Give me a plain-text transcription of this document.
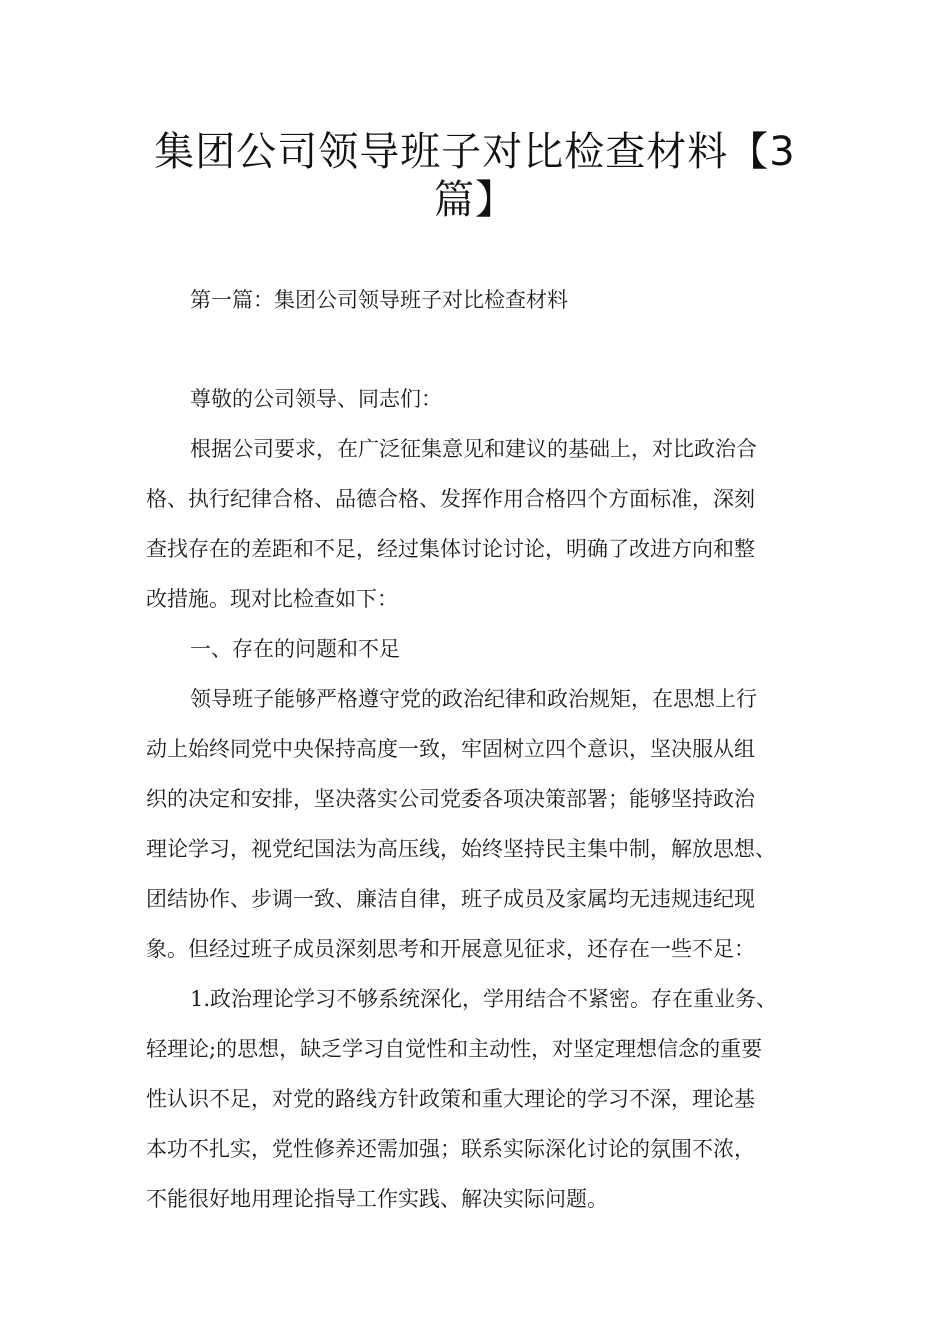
集团公司领导班子对比检查材料【3
篇】

第一篇：集团公司领导班子对比检查材料

尊敬的公司领导、同志们：

根据公司要求，在广泛征集意见和建议的基础上，对比政治合

格、执行纪律合格、品德合格、发挥作用合格四个方面标准，深刻

查找存在的差距和不足，经过集体讨论讨论，明确了改进方向和整

改措施。现对比检查如下：

一、存在的问题和不足

领导班子能够严格遵守党的政治纪律和政治规矩，在思想上行

动上始终同党中央保持高度一致，牢固树立四个意识，坚决服从组

织的决定和安排，坚决落实公司党委各项决策部署；能够坚持政治

理论学习，视党纪国法为高压线，始终坚持民主集中制，解放思想、

团结协作、步调一致、廉洁自律，班子成员及家属均无违规违纪现

象。但经过班子成员深刻思考和开展意见征求，还存在一些不足：

1.政治理论学习不够系统深化，学用结合不紧密。存在重业务、

轻理论;的思想，缺乏学习自觉性和主动性，对坚定理想信念的重要

性认识不足，对党的路线方针政策和重大理论的学习不深，理论基

本功不扎实，党性修养还需加强；联系实际深化讨论的氛围不浓，

不能很好地用理论指导工作实践、解决实际问题。
